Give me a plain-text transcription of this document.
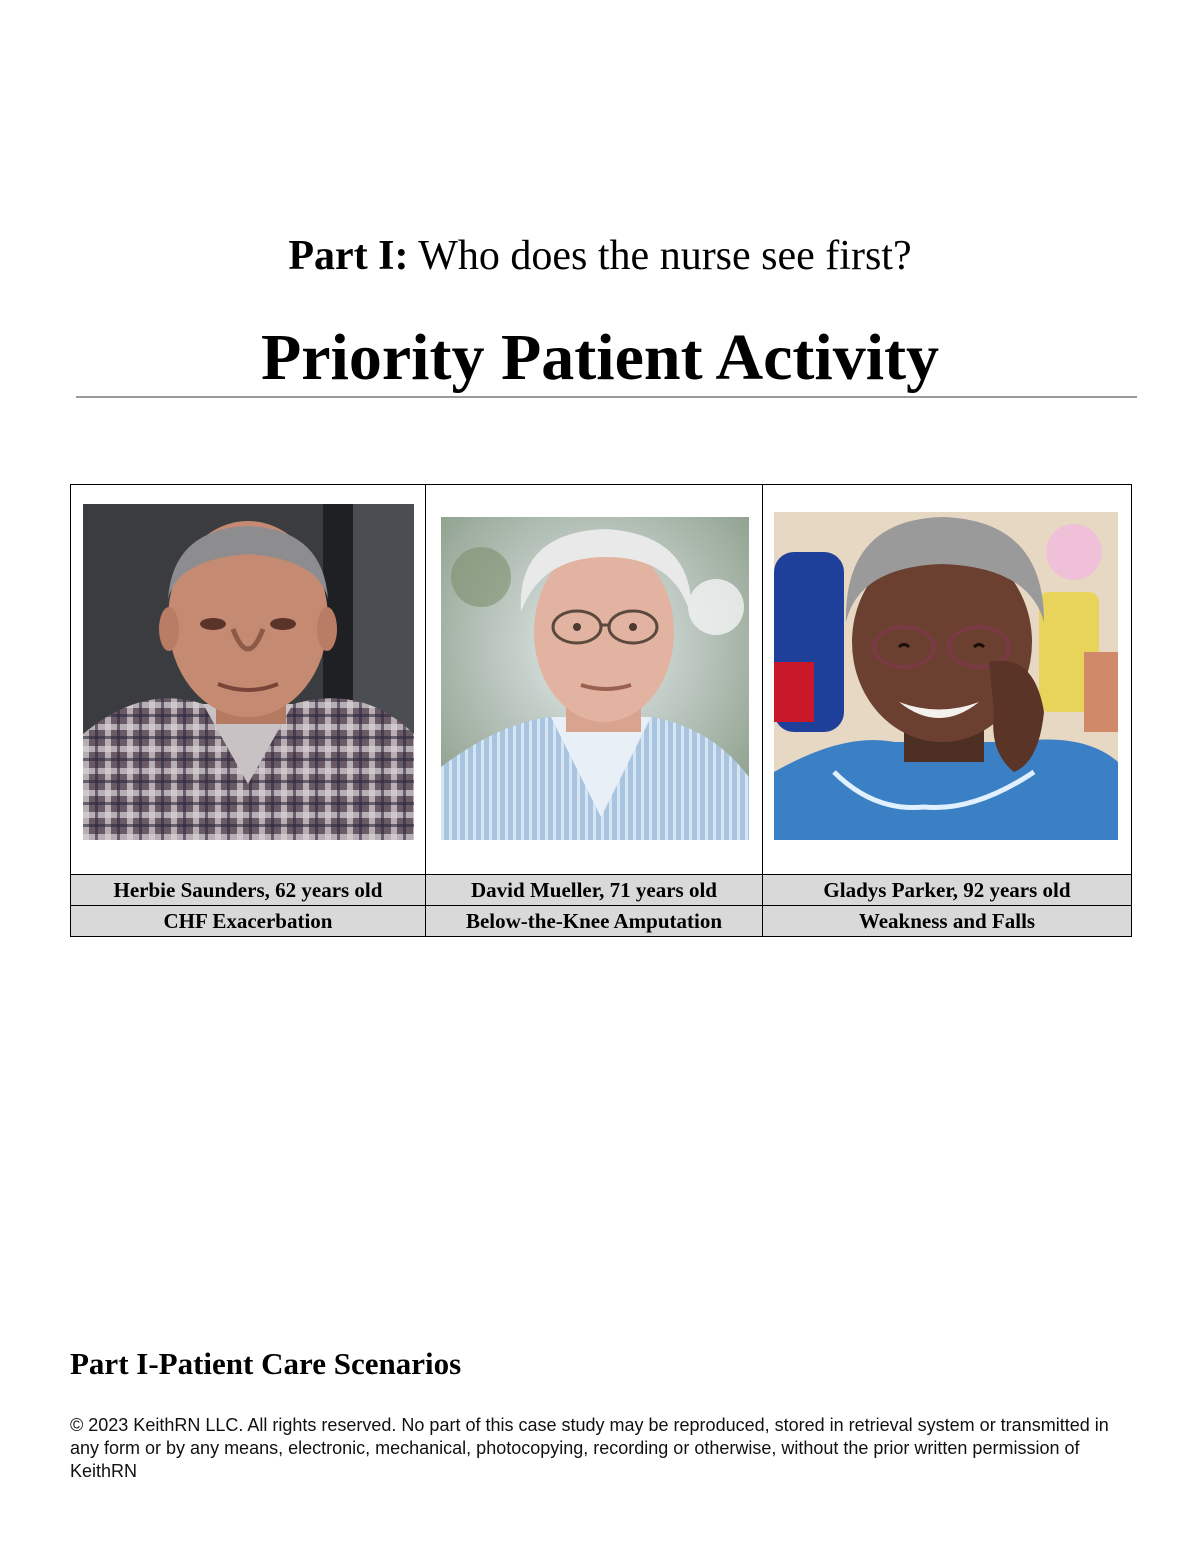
Part I: Who does the nurse see first?
Priority Patient Activity

Herbie Saunders, 62 years old	David Mueller, 71 years old	Gladys Parker, 92 years old
CHF Exacerbation	Below-the-Knee Amputation	Weakness and Falls
Part I-Patient Care Scenarios
© 2023 KeithRN LLC. All rights reserved. No part of this case study may be reproduced, stored in retrieval system or transmitted in any form or by any means, electronic, mechanical, photocopying, recording or otherwise, without the prior written permission of KeithRN
